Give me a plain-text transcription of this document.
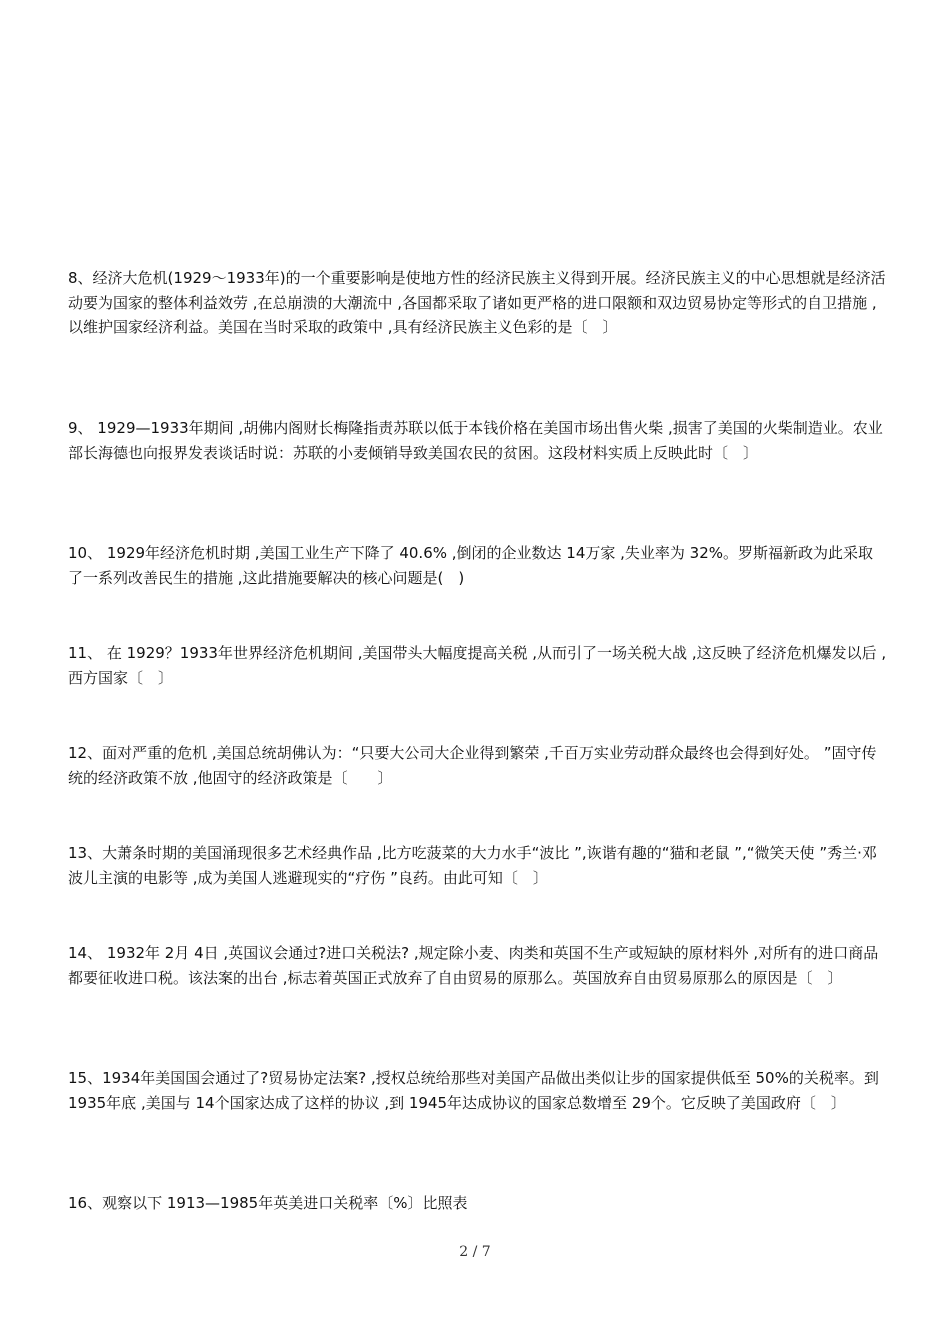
8、经济大危机(1929～1933年)的一个重要影响是使地方性的经济民族主义得到开展。经济民族主义的中心思想就是经济活动要为国家的整体利益效劳 ,在总崩溃的大潮流中 ,各国都采取了诸如更严格的进口限额和双边贸易协定等形式的自卫措施 ,以维护国家经济利益。美国在当时采取的政策中 ,具有经济民族主义色彩的是〔　〕
9、 1929—1933年期间 ,胡佛内阁财长梅隆指责苏联以低于本钱价格在美国市场出售火柴 ,损害了美国的火柴制造业。农业部长海德也向报界发表谈话时说：苏联的小麦倾销导致美国农民的贫困。这段材料实质上反映此时〔　〕
10、 1929年经济危机时期 ,美国工业生产下降了 40.6% ,倒闭的企业数达 14万家 ,失业率为 32%。罗斯福新政为此采取了一系列改善民生的措施 ,这此措施要解决的核心问题是(　)
11、 在 1929？1933年世界经济危机期间 ,美国带头大幅度提高关税 ,从而引了一场关税大战 ,这反映了经济危机爆发以后 ,西方国家〔　〕
12、面对严重的危机 ,美国总统胡佛认为：“只要大公司大企业得到繁荣 ,千百万实业劳动群众最终也会得到好处。 ”固守传统的经济政策不放 ,他固守的经济政策是〔　　〕
13、大萧条时期的美国涌现很多艺术经典作品 ,比方吃菠菜的大力水手“波比 ”,诙谐有趣的“猫和老鼠 ”,“微笑天使 ”秀兰·邓波儿主演的电影等 ,成为美国人逃避现实的“疗伤 ”良药。由此可知〔　〕
14、 1932年 2月 4日 ,英国议会通过?进口关税法? ,规定除小麦、肉类和英国不生产或短缺的原材料外 ,对所有的进口商品都要征收进口税。该法案的出台 ,标志着英国正式放弃了自由贸易的原那么。英国放弃自由贸易原那么的原因是〔　〕
15、1934年美国国会通过了?贸易协定法案? ,授权总统给那些对美国产品做出类似让步的国家提供低至 50%的关税率。到 1935年底 ,美国与 14个国家达成了这样的协议 ,到 1945年达成协议的国家总数增至 29个。它反映了美国政府〔　〕
16、观察以下 1913—1985年英美进口关税率〔%〕比照表
2 / 7
